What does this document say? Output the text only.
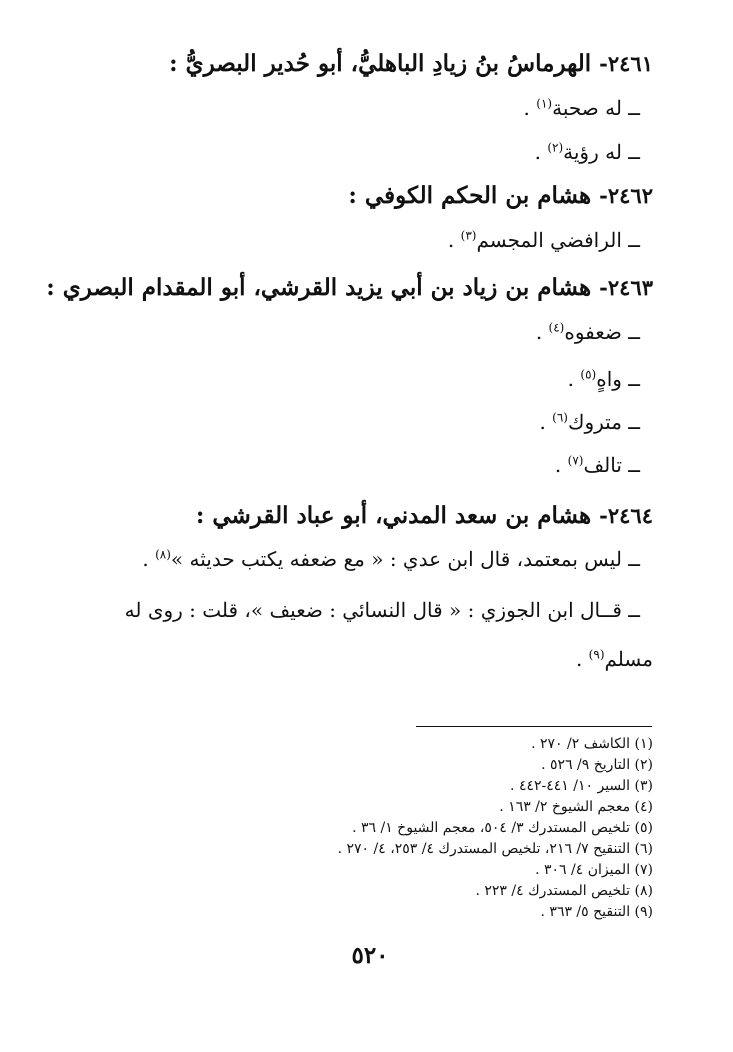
٢٤٦١- الهرماسُ بنُ زيادِ الباهليُّ، أبو حُدير البصريُّ :
ــ له صحبة$^{(١)}$ .
ــ له رؤية$^{(٢)}$ .
٢٤٦٢- هشام بن الحكم الكوفي :
ــ الرافضي المجسم$^{(٣)}$ .
٢٤٦٣- هشام بن زياد بن أبي يزيد القرشي، أبو المقدام البصري :
ــ ضعفوه$^{(٤)}$ .
ــ واهٍ$^{(٥)}$ .
ــ متروك$^{(٦)}$ .
ــ تالف$^{(٧)}$ .
٢٤٦٤- هشام بن سعد المدني، أبو عباد القرشي :
ــ ليس بمعتمد، قال ابن عدي : « مع ضعفه يكتب حديثه »$^{(٨)}$ .
ــ قــال ابن الجوزي : « قال النسائي : ضعيف »، قلت : روى له
مسلم$^{(٩)}$ .
(١) الكاشف ٢/ ٢٧٠ .
(٢) التاريخ ٩/ ٥٢٦ .
(٣) السير ١٠/ ٤٤١-٤٤٢ .
(٤) معجم الشيوخ ٢/ ١٦٣ .
(٥) تلخيص المستدرك ٣/ ٥٠٤، معجم الشيوخ ١/ ٣٦ .
(٦) التنقيح ٧/ ٢١٦، تلخيص المستدرك ٤/ ٢٥٣، ٤/ ٢٧٠ .
(٧) الميزان ٤/ ٣٠٦ .
(٨) تلخيص المستدرك ٤/ ٢٢٣ .
(٩) التنقيح ٥/ ٣٦٣ .
٥٢٠
